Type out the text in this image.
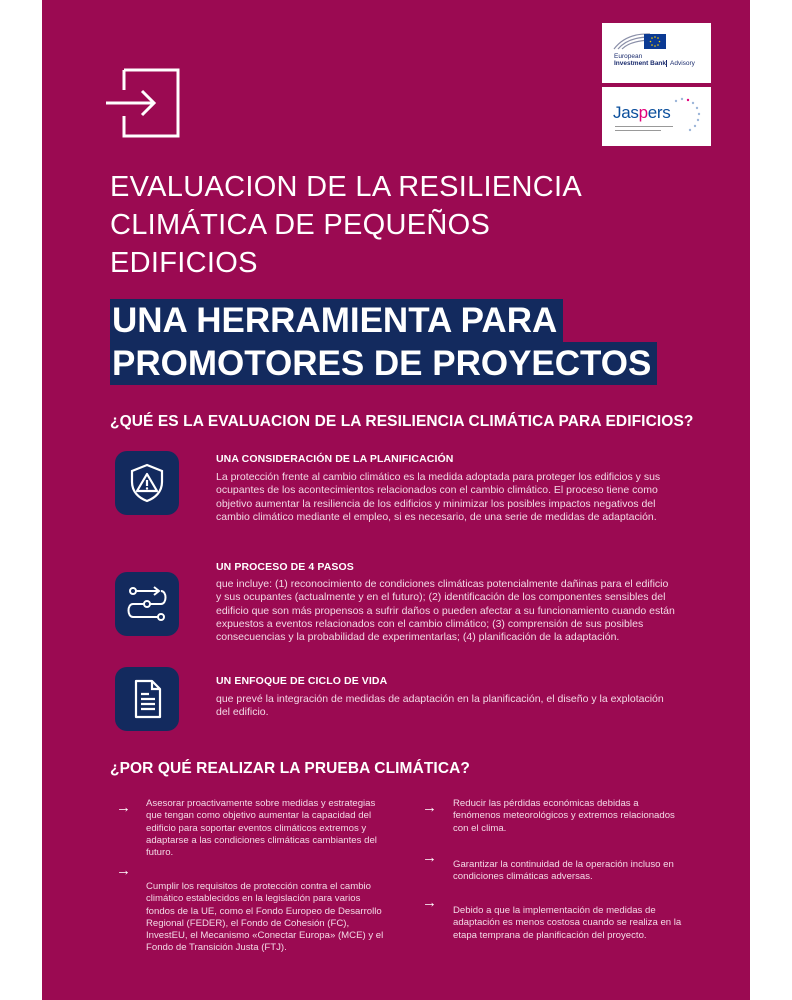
European
Investment Bank Advisory
Jaspers
EVALUACION DE LA RESILIENCIA
CLIMÁTICA DE PEQUEÑOS
EDIFICIOS
UNA HERRAMIENTA PARA
PROMOTORES DE PROYECTOS
¿QUÉ ES LA EVALUACION DE LA RESILIENCIA CLIMÁTICA PARA EDIFICIOS?
UNA CONSIDERACIÓN DE LA PLANIFICACIÓN

La protección frente al cambio climático es la medida adoptada para proteger los edificios y sus ocupantes de los acontecimientos relacionados con el cambio climático. El proceso tiene como objetivo aumentar la resiliencia de los edificios y minimizar los posibles impactos negativos del cambio climático mediante el empleo, si es necesario, de una serie de medidas de adaptación.

UN PROCESO DE 4 PASOS

que incluye: (1) reconocimiento de condiciones climáticas potencialmente dañinas para el edificio y sus ocupantes (actualmente y en el futuro); (2) identificación de los componentes sensibles del edificio que son más propensos a sufrir daños o pueden afectar a su funcionamiento cuando están expuestos a eventos relacionados con el cambio climático; (3) comprensión de sus posibles consecuencias y la probabilidad de experimentarlas; (4) planificación de la adaptación.

UN ENFOQUE DE CICLO DE VIDA

que prevé la integración de medidas de adaptación en la planificación, el diseño y la explotación del edificio.

¿POR QUÉ REALIZAR LA PRUEBA CLIMÁTICA?
→ Asesorar proactivamente sobre medidas y estrategias que tengan como objetivo aumentar la capacidad del edificio para soportar eventos climáticos extremos y adaptarse a las condiciones climáticas cambiantes del futuro.

→

Cumplir los requisitos de protección contra el cambio climático establecidos en la legislación para varios fondos de la UE, como el Fondo Europeo de Desarrollo Regional (FEDER), el Fondo de Cohesión (FC), InvestEU, el Mecanismo «Conectar Europa» (MCE) y el Fondo de Transición Justa (FTJ).

→ Reducir las pérdidas económicas debidas a fenómenos meteorológicos y extremos relacionados con el clima.

→ Garantizar la continuidad de la operación incluso en condiciones climáticas adversas.

→ Debido a que la implementación de medidas de adaptación es menos costosa cuando se realiza en la etapa temprana de planificación del proyecto.
